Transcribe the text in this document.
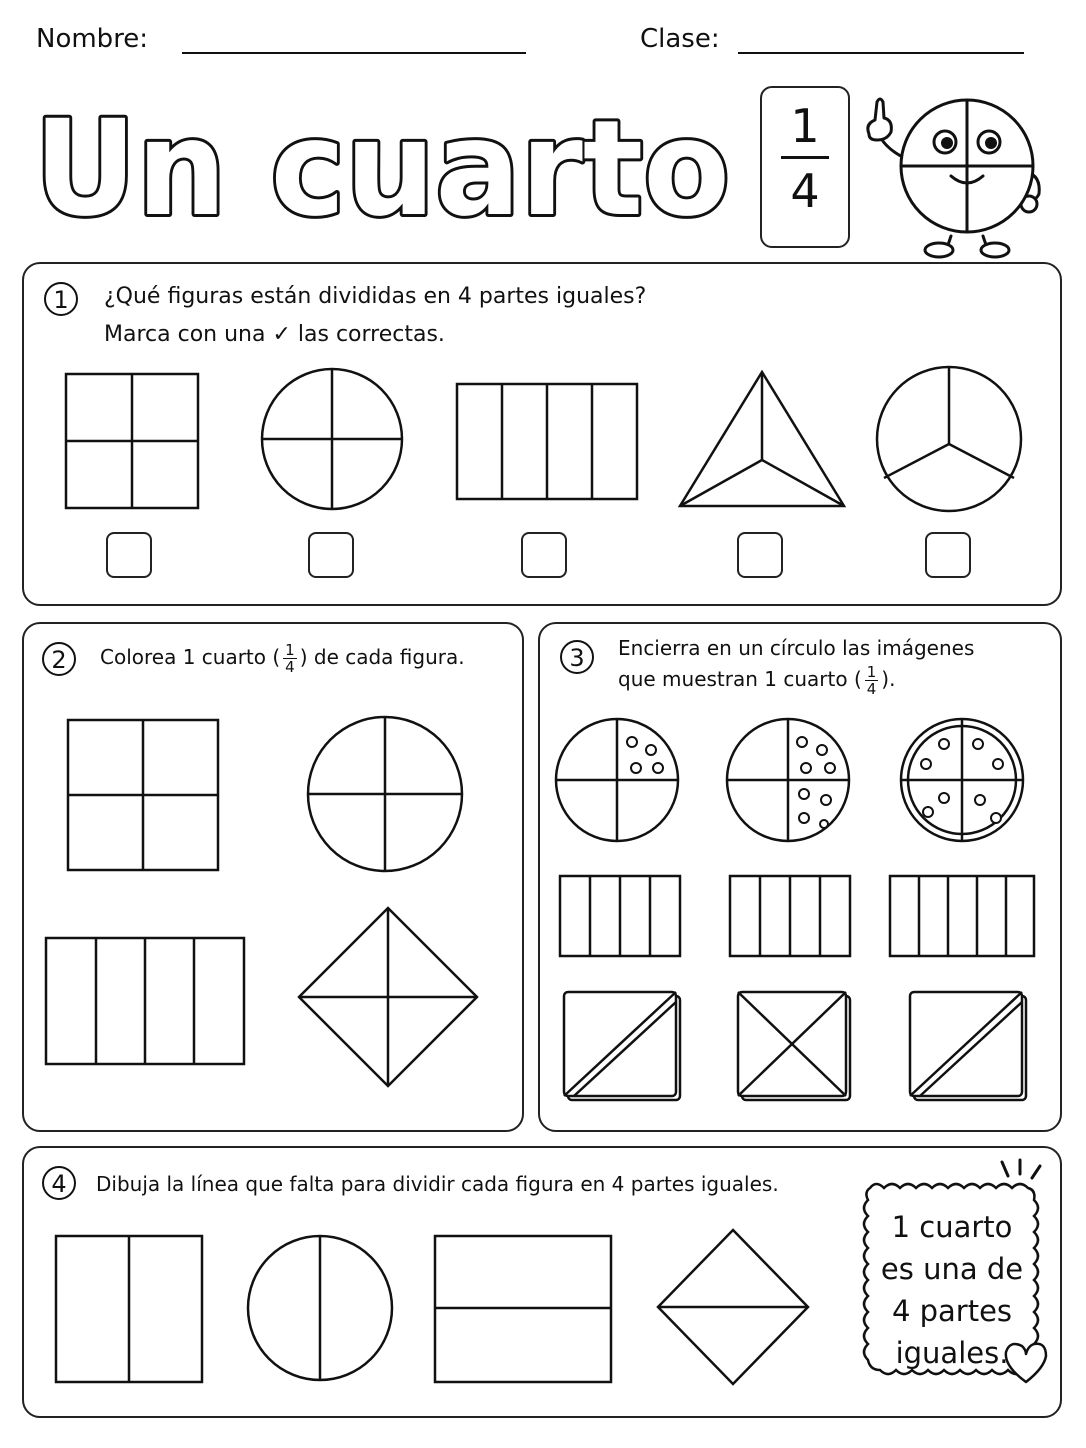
Nombre:	Clase:
Un cuarto	1
4
1	¿Qué figuras están divididas en 4 partes iguales?
Marca con una ✓ las correctas.
2	Colorea 1 cuarto ( $\frac{1}{4}$ ) de cada figura.	3	Encierra en un círculo las imágenes
que muestran 1 cuarto ( $\frac{1}{4}$ ).
4	Dibuja la línea que falta para dividir cada figura en 4 partes iguales.
1 cuarto
es una de
4 partes
iguales.
